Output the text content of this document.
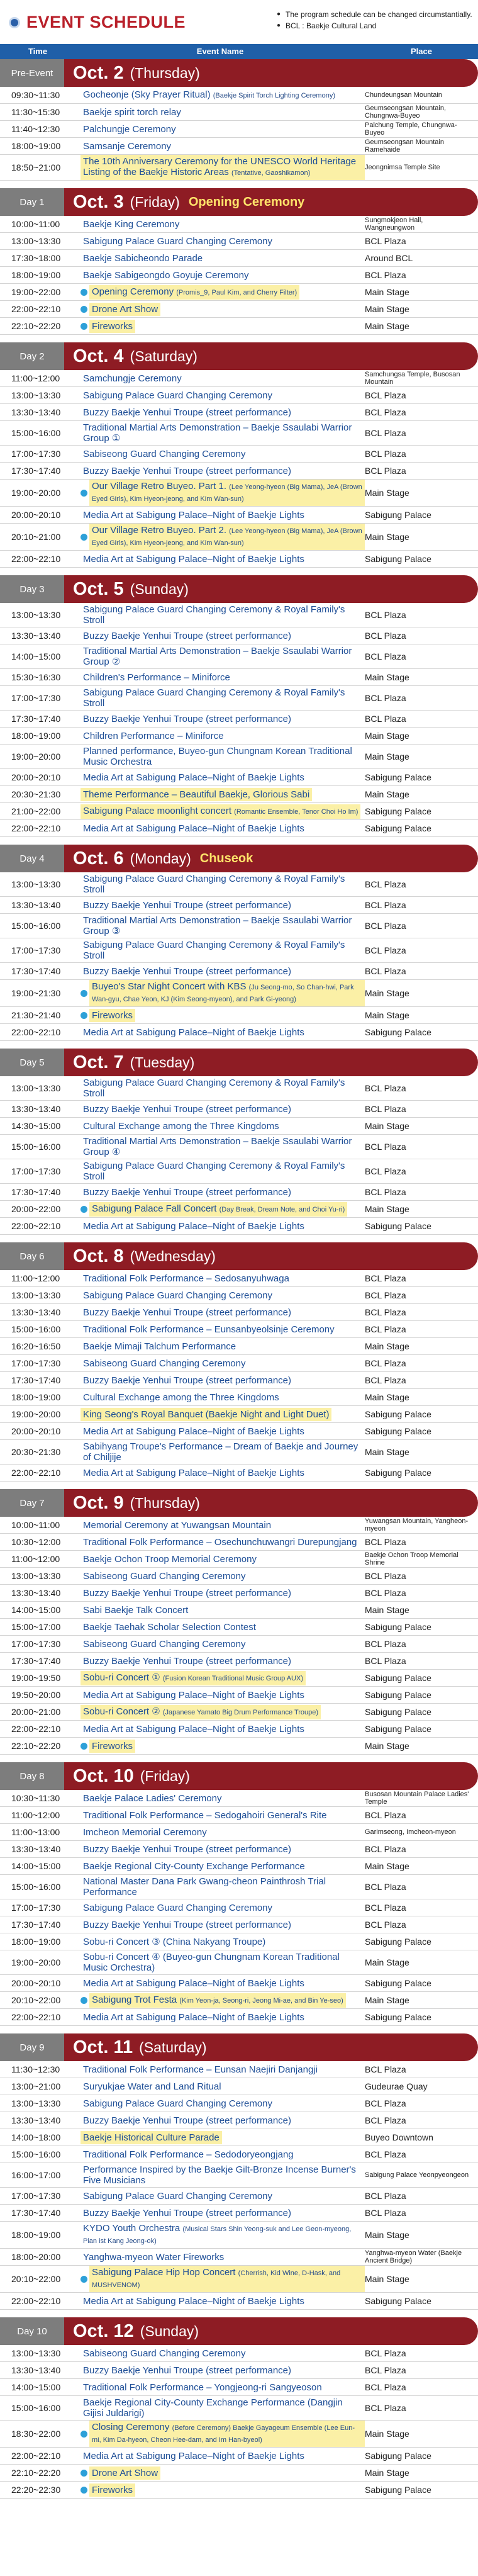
EVENT SCHEDULE
●	The program schedule can be changed circumstantially.
● BCL : Baekje Cultural Land
Time	Event Name	Place
Pre-Event	Oct. 2 (Thursday)
09:30~11:30	Gocheonje (Sky Prayer Ritual) (Baekje Spirit Torch Lighting Ceremony)	Chundeungsan Mountain
11:30~15:30	Baekje spirit torch relay	Geumseongsan Mountain, Chungnwa-Buyeo
11:40~12:30	Palchungje Ceremony	Palchung Temple, Chungnwa-Buyeo
18:00~19:00	Samsanje Ceremony	Geumseongsan Mountain Ramehaide
18:50~21:00
The 10th Anniversary Ceremony for the UNESCO World Heritage Listing of the Baekje Historic Areas (Tentative, Gaoshikamon)
Jeongnimsa Temple Site
Day 1	Oct. 3 (Friday) Opening Ceremony
10:00~11:00	Baekje King Ceremony	Sungmokjeon Hall, Wangneungwon
13:00~13:30	Sabigung Palace Guard Changing Ceremony	BCL Plaza
17:30~18:00	Baekje Sabicheondo Parade	Around BCL
18:00~19:00	Baekje Sabigeongdo Goyuje Ceremony	BCL Plaza
19:00~22:00	Opening Ceremony (Promis_9, Paul Kim, and Cherry Filter)	Main Stage
22:00~22:10	Drone Art Show	Main Stage
22:10~22:20	Fireworks	Main Stage
Day 2	Oct. 4 (Saturday)
11:00~12:00	Samchungje Ceremony	Samchungsa Temple, Busosan Mountain
13:00~13:30	Sabigung Palace Guard Changing Ceremony	BCL Plaza
13:30~13:40	Buzzy Baekje Yenhui Troupe (street performance)	BCL Plaza
15:00~16:00	Traditional Martial Arts Demonstration – Baekje Ssaulabi Warrior Group ①	BCL Plaza
17:00~17:30	Sabiseong Guard Changing Ceremony	BCL Plaza
17:30~17:40	Buzzy Baekje Yenhui Troupe (street performance)	BCL Plaza
19:00~20:00
Our Village Retro Buyeo. Part 1. (Lee Yeong-hyeon (Big Mama), JeA (Brown Eyed Girls), Kim Hyeon-jeong, and Kim Wan-sun)
Main Stage
20:00~20:10	Media Art at Sabigung Palace–Night of Baekje Lights	Sabigung Palace
20:10~21:00
Our Village Retro Buyeo. Part 2. (Lee Yeong-hyeon (Big Mama), JeA (Brown Eyed Girls), Kim Hyeon-jeong, and Kim Wan-sun)
Main Stage
22:00~22:10	Media Art at Sabigung Palace–Night of Baekje Lights	Sabigung Palace
Day 3	Oct. 5 (Sunday)
13:00~13:30	Sabigung Palace Guard Changing Ceremony & Royal Family's Stroll	BCL Plaza
13:30~13:40	Buzzy Baekje Yenhui Troupe (street performance)	BCL Plaza
14:00~15:00	Traditional Martial Arts Demonstration – Baekje Ssaulabi Warrior Group ②	BCL Plaza
15:30~16:30	Children's Performance – Miniforce	Main Stage
17:00~17:30	Sabigung Palace Guard Changing Ceremony & Royal Family's Stroll	BCL Plaza
17:30~17:40	Buzzy Baekje Yenhui Troupe (street performance)	BCL Plaza
18:00~19:00	Children Performance – Miniforce	Main Stage
19:00~20:00	Planned performance, Buyeo-gun Chungnam Korean Traditional Music Orchestra	Main Stage
20:00~20:10	Media Art at Sabigung Palace–Night of Baekje Lights	Sabigung Palace
20:30~21:30	Theme Performance – Beautiful Baekje, Glorious Sabi	Main Stage
21:00~22:00	Sabigung Palace moonlight concert (Romantic Ensemble, Tenor Choi Ho Im) Sabigung Palace
22:00~22:10	Media Art at Sabigung Palace–Night of Baekje Lights	Sabigung Palace
Day 4	Oct. 6 (Monday) Chuseok
13:00~13:30	Sabigung Palace Guard Changing Ceremony & Royal Family's Stroll	BCL Plaza
13:30~13:40	Buzzy Baekje Yenhui Troupe (street performance)	BCL Plaza
15:00~16:00	Traditional Martial Arts Demonstration – Baekje Ssaulabi Warrior Group ③	BCL Plaza
17:00~17:30	Sabigung Palace Guard Changing Ceremony & Royal Family's Stroll	BCL Plaza
17:30~17:40	Buzzy Baekje Yenhui Troupe (street performance)	BCL Plaza
19:00~21:30
Buyeo's Star Night Concert with KBS (Ju Seong-mo, So Chan-hwi, Park Wan-gyu, Chae Yeon, KJ (Kim Seong-myeon), and Park Gi-yeong)
Main Stage
21:30~21:40	Fireworks	Main Stage
22:00~22:10	Media Art at Sabigung Palace–Night of Baekje Lights	Sabigung Palace
Day 5	Oct. 7 (Tuesday)
13:00~13:30	Sabigung Palace Guard Changing Ceremony & Royal Family's Stroll	BCL Plaza
13:30~13:40	Buzzy Baekje Yenhui Troupe (street performance)	BCL Plaza
14:30~15:00	Cultural Exchange among the Three Kingdoms	Main Stage
15:00~16:00	Traditional Martial Arts Demonstration – Baekje Ssaulabi Warrior Group ④	BCL Plaza
17:00~17:30	Sabigung Palace Guard Changing Ceremony & Royal Family's Stroll	BCL Plaza
17:30~17:40	Buzzy Baekje Yenhui Troupe (street performance)	BCL Plaza
20:00~22:00	Sabigung Palace Fall Concert (Day Break, Dream Note, and Choi Yu-ri) Main Stage
22:00~22:10	Media Art at Sabigung Palace–Night of Baekje Lights	Sabigung Palace
Day 6	Oct. 8 (Wednesday)
11:00~12:00	Traditional Folk Performance – Sedosanyuhwaga	BCL Plaza
13:00~13:30	Sabigung Palace Guard Changing Ceremony	BCL Plaza
13:30~13:40	Buzzy Baekje Yenhui Troupe (street performance)	BCL Plaza
15:00~16:00	Traditional Folk Performance – Eunsanbyeolsinje Ceremony	BCL Plaza
16:20~16:50	Baekje Mimaji Talchum Performance	Main Stage
17:00~17:30	Sabiseong Guard Changing Ceremony	BCL Plaza
17:30~17:40	Buzzy Baekje Yenhui Troupe (street performance)	BCL Plaza
18:00~19:00	Cultural Exchange among the Three Kingdoms	Main Stage
19:00~20:00	King Seong's Royal Banquet (Baekje Night and Light Duet)	Sabigung Palace
20:00~20:10	Media Art at Sabigung Palace–Night of Baekje Lights	Sabigung Palace
20:30~21:30	Sabihyang Troupe's Performance – Dream of Baekje and Journey of Chiljije	Main Stage
22:00~22:10	Media Art at Sabigung Palace–Night of Baekje Lights	Sabigung Palace
Day 7	Oct. 9 (Thursday)
10:00~11:00	Memorial Ceremony at Yuwangsan Mountain	Yuwangsan Mountain, Yangheon-myeon
10:30~12:00	Traditional Folk Performance – Osechunchuwangri Durepungjang BCL Plaza
11:00~12:00	Baekje Ochon Troop Memorial Ceremony	Baekje Ochon Troop Memorial Shrine
13:00~13:30	Sabiseong Guard Changing Ceremony	BCL Plaza
13:30~13:40	Buzzy Baekje Yenhui Troupe (street performance)	BCL Plaza
14:00~15:00	Sabi Baekje Talk Concert	Main Stage
15:00~17:00	Baekje Taehak Scholar Selection Contest	Sabigung Palace
17:00~17:30	Sabiseong Guard Changing Ceremony	BCL Plaza
17:30~17:40	Buzzy Baekje Yenhui Troupe (street performance)	BCL Plaza
19:00~19:50	Sobu-ri Concert ① (Fusion Korean Traditional Music Group AUX)	Sabigung Palace
19:50~20:00	Media Art at Sabigung Palace–Night of Baekje Lights	Sabigung Palace
20:00~21:00	Sobu-ri Concert ② (Japanese Yamato Big Drum Performance Troupe)	Sabigung Palace
22:00~22:10	Media Art at Sabigung Palace–Night of Baekje Lights	Sabigung Palace
22:10~22:20	Fireworks	Main Stage
Day 8	Oct. 10 (Friday)
10:30~11:30	Baekje Palace Ladies' Ceremony	Busosan Mountain Palace Ladies' Temple
11:00~12:00	Traditional Folk Performance – Sedogahoiri General's Rite	BCL Plaza
11:00~13:00	Imcheon Memorial Ceremony	Garimseong, Imcheon-myeon
13:30~13:40	Buzzy Baekje Yenhui Troupe (street performance)	BCL Plaza
14:00~15:00	Baekje Regional City-County Exchange Performance	Main Stage
15:00~16:00	National Master Dana Park Gwang-cheon Painthrosh Trial Performance	BCL Plaza
17:00~17:30	Sabigung Palace Guard Changing Ceremony	BCL Plaza
17:30~17:40	Buzzy Baekje Yenhui Troupe (street performance)	BCL Plaza
18:00~19:00	Sobu-ri Concert ③ (China Nakyang Troupe)	Sabigung Palace
19:00~20:00	Sobu-ri Concert ④ (Buyeo-gun Chungnam Korean Traditional Music Orchestra)	Main Stage
20:00~20:10	Media Art at Sabigung Palace–Night of Baekje Lights	Sabigung Palace
20:10~22:00	Sabigung Trot Festa (Kim Yeon-ja, Seong-ri, Jeong Mi-ae, and Bin Ye-seo) Main Stage
22:00~22:10	Media Art at Sabigung Palace–Night of Baekje Lights	Sabigung Palace
Day 9	Oct. 11 (Saturday)
11:30~12:30	Traditional Folk Performance – Eunsan Naejiri Danjangji	BCL Plaza
13:00~21:00	Suryukjae Water and Land Ritual	Gudeurae Quay
13:00~13:30	Sabigung Palace Guard Changing Ceremony	BCL Plaza
13:30~13:40	Buzzy Baekje Yenhui Troupe (street performance)	BCL Plaza
14:00~18:00	Baekje Historical Culture Parade	Buyeo Downtown
15:00~16:00	Traditional Folk Performance – Sedodoryeongjang	BCL Plaza
16:00~17:00	Performance Inspired by the Baekje Gilt-Bronze Incense Burner's Five Musicians	Sabigung Palace Yeonpyeongeon
17:00~17:30	Sabigung Palace Guard Changing Ceremony	BCL Plaza
17:30~17:40	Buzzy Baekje Yenhui Troupe (street performance)	BCL Plaza
18:00~19:00
KYDO Youth Orchestra (Musical Stars Shin Yeong-suk and Lee Geon-myeong, Pian ist Kang Jeong-ok)
Main Stage
18:00~20:00	Yanghwa-myeon Water Fireworks	Yanghwa-myeon Water (Baekje Ancient Bridge)
20:10~22:00
Sabigung Palace Hip Hop Concert (Cherrish, Kid Wine, D-Hask, and MUSHVENOM)
Main Stage
22:00~22:10	Media Art at Sabigung Palace–Night of Baekje Lights	Sabigung Palace
Day 10	Oct. 12 (Sunday)
13:00~13:30	Sabiseong Guard Changing Ceremony	BCL Plaza
13:30~13:40	Buzzy Baekje Yenhui Troupe (street performance)	BCL Plaza
14:00~15:00	Traditional Folk Performance – Yongjeong-ri Sangyeoson	BCL Plaza
15:00~16:00	Baekje Regional City-County Exchange Performance (Dangjin Gijisi Juldarigi)	BCL Plaza
18:30~22:00
Closing Ceremony (Before Ceremony) Baekje Gayageum Ensemble (Lee Eun-mi, Kim Da-hyeon, Cheon Hee-dam, and Im Han-byeol)
Main Stage
22:00~22:10	Media Art at Sabigung Palace–Night of Baekje Lights	Sabigung Palace
22:10~22:20	Drone Art Show	Main Stage
22:20~22:30	Fireworks	Sabigung Palace
